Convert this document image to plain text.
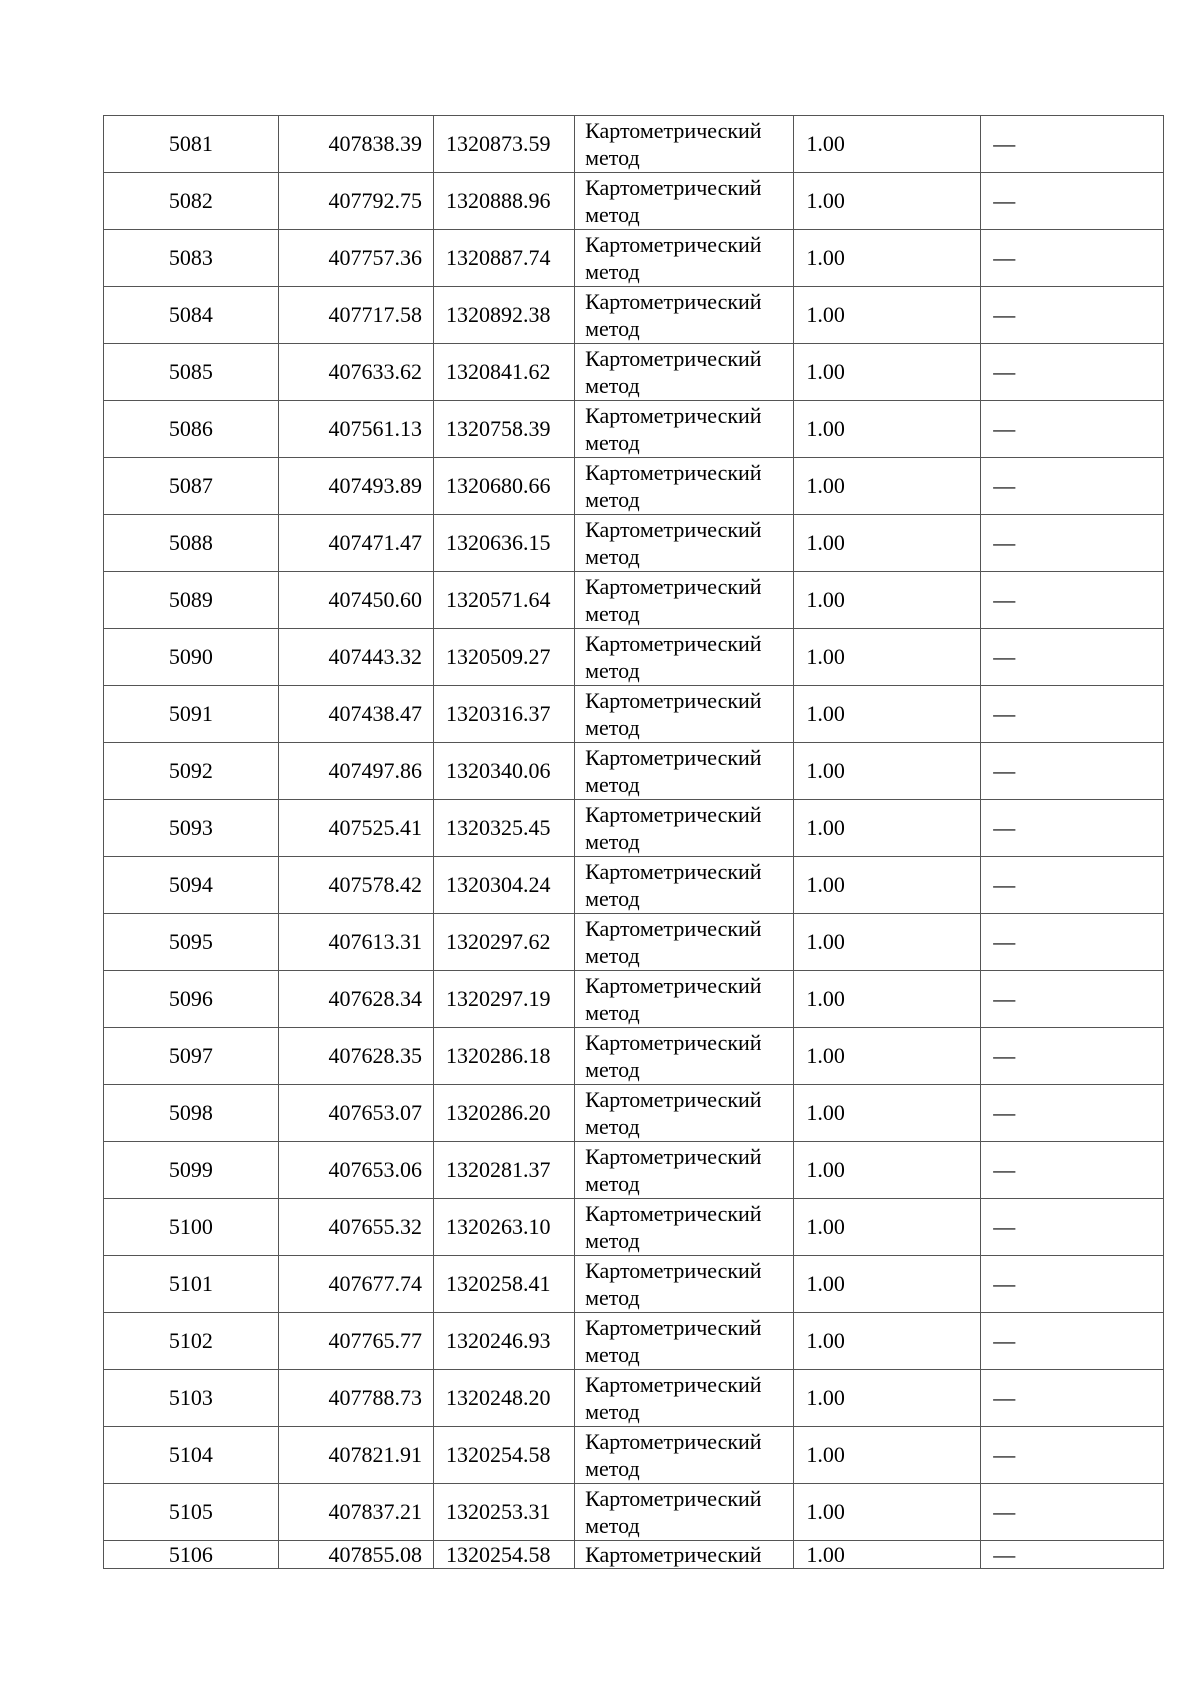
5081	407838.39	1320873.59	Картометрический метод	1.00	—
5082	407792.75	1320888.96	Картометрический метод	1.00	—
5083	407757.36	1320887.74	Картометрический метод	1.00	—
5084	407717.58	1320892.38	Картометрический метод	1.00	—
5085	407633.62	1320841.62	Картометрический метод	1.00	—
5086	407561.13	1320758.39	Картометрический метод	1.00	—
5087	407493.89	1320680.66	Картометрический метод	1.00	—
5088	407471.47	1320636.15	Картометрический метод	1.00	—
5089	407450.60	1320571.64	Картометрический метод	1.00	—
5090	407443.32	1320509.27	Картометрический метод	1.00	—
5091	407438.47	1320316.37	Картометрический метод	1.00	—
5092	407497.86	1320340.06	Картометрический метод	1.00	—
5093	407525.41	1320325.45	Картометрический метод	1.00	—
5094	407578.42	1320304.24	Картометрический метод	1.00	—
5095	407613.31	1320297.62	Картометрический метод	1.00	—
5096	407628.34	1320297.19	Картометрический метод	1.00	—
5097	407628.35	1320286.18	Картометрический метод	1.00	—
5098	407653.07	1320286.20	Картометрический метод	1.00	—
5099	407653.06	1320281.37	Картометрический метод	1.00	—
5100	407655.32	1320263.10	Картометрический метод	1.00	—
5101	407677.74	1320258.41	Картометрический метод	1.00	—
5102	407765.77	1320246.93	Картометрический метод	1.00	—
5103	407788.73	1320248.20	Картометрический метод	1.00	—
5104	407821.91	1320254.58	Картометрический метод	1.00	—
5105	407837.21	1320253.31	Картометрический метод	1.00	—
5106	407855.08	1320254.58	Картометрический	1.00	—
